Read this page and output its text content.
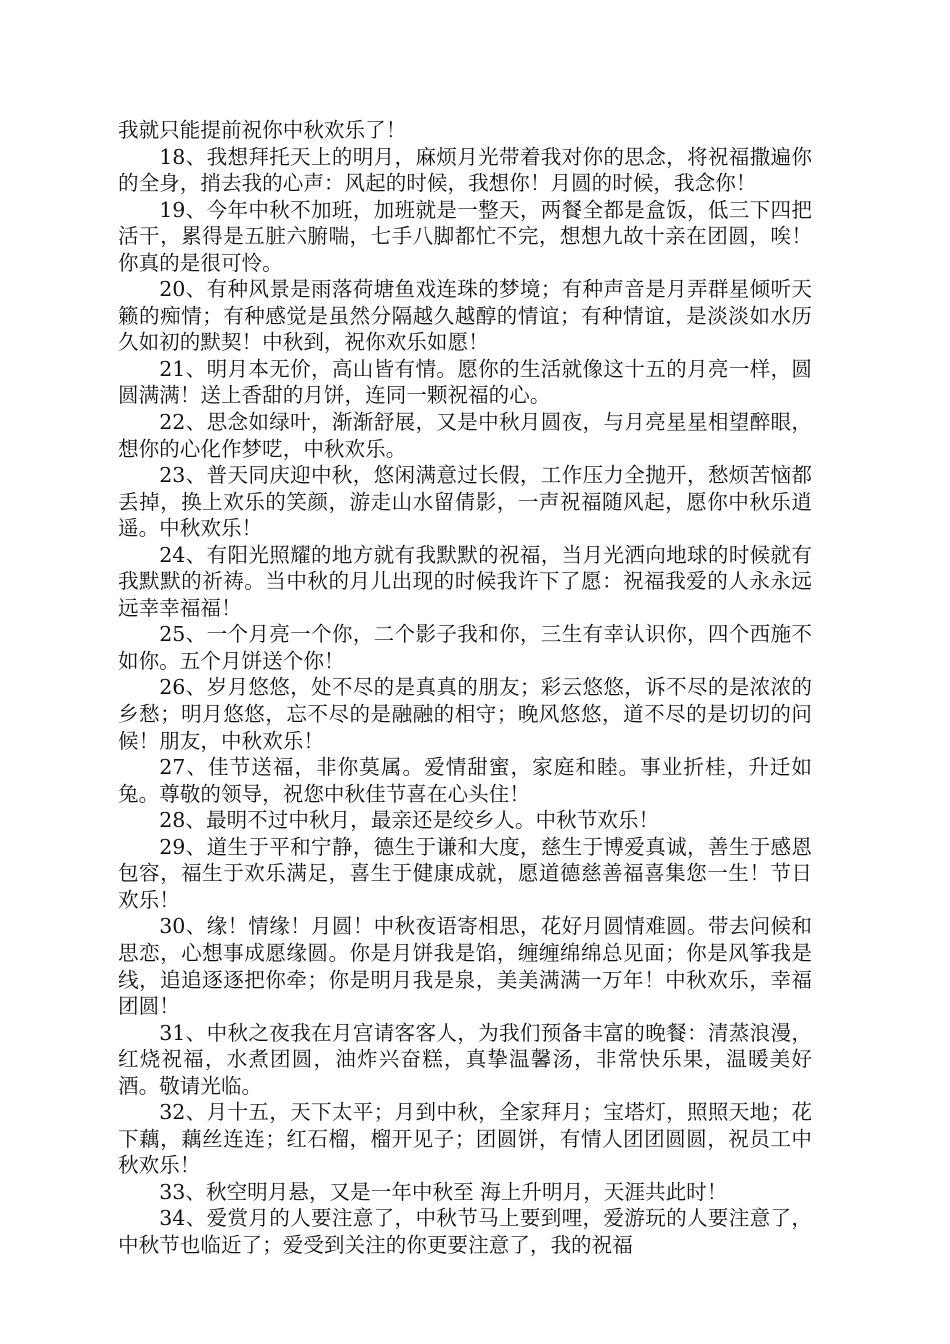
我就只能提前祝你中秋欢乐了！

18、我想拜托天上的明月，麻烦月光带着我对你的思念，将祝福撒遍你的全身，捎去我的心声：风起的时候，我想你！月圆的时候，我念你！

19、今年中秋不加班，加班就是一整天，两餐全都是盒饭，低三下四把活干，累得是五脏六腑喘，七手八脚都忙不完，想想九故十亲在团圆，唉！你真的是很可怜。

20、有种风景是雨落荷塘鱼戏连珠的梦境；有种声音是月弄群星倾听天籁的痴情；有种感觉是虽然分隔越久越醇的情谊；有种情谊，是淡淡如水历久如初的默契！中秋到，祝你欢乐如愿！

21、明月本无价，高山皆有情。愿你的生活就像这十五的月亮一样，圆圆满满！送上香甜的月饼，连同一颗祝福的心。

22、思念如绿叶，渐渐舒展，又是中秋月圆夜，与月亮星星相望醉眼，想你的心化作梦呓，中秋欢乐。

23、普天同庆迎中秋，悠闲满意过长假，工作压力全抛开，愁烦苦恼都丢掉，换上欢乐的笑颜，游走山水留倩影，一声祝福随风起，愿你中秋乐逍遥。中秋欢乐！

24、有阳光照耀的地方就有我默默的祝福，当月光洒向地球的时候就有我默默的祈祷。当中秋的月儿出现的时候我许下了愿：祝福我爱的人永永远远幸幸福福！

25、一个月亮一个你，二个影子我和你，三生有幸认识你，四个西施不如你。五个月饼送个你！

26、岁月悠悠，处不尽的是真真的朋友；彩云悠悠，诉不尽的是浓浓的乡愁；明月悠悠，忘不尽的是融融的相守；晚风悠悠，道不尽的是切切的问候！朋友，中秋欢乐！

27、佳节送福，非你莫属。爱情甜蜜，家庭和睦。事业折桂，升迁如兔。尊敬的领导，祝您中秋佳节喜在心头住！

28、最明不过中秋月，最亲还是绞乡人。中秋节欢乐！

29、道生于平和宁静，德生于谦和大度，慈生于博爱真诚，善生于感恩包容，福生于欢乐满足，喜生于健康成就，愿道德慈善福喜集您一生！节日欢乐！

30、缘！情缘！月圆！中秋夜语寄相思，花好月圆情难圆。带去问候和思恋，心想事成愿缘圆。你是月饼我是馅，缠缠绵绵总见面；你是风筝我是线，追追逐逐把你牵；你是明月我是泉，美美满满一万年！中秋欢乐，幸福团圆！

31、中秋之夜我在月宫请客客人，为我们预备丰富的晚餐：清蒸浪漫，红烧祝福，水煮团圆，油炸兴奋糕，真挚温馨汤，非常快乐果，温暖美好酒。敬请光临。

32、月十五，天下太平；月到中秋，全家拜月；宝塔灯，照照天地；花下藕，藕丝连连；红石榴，榴开见子；团圆饼，有情人团团圆圆，祝员工中秋欢乐！

33、秋空明月悬，又是一年中秋至 海上升明月，天涯共此时！

34、爱赏月的人要注意了，中秋节马上要到哩，爱游玩的人要注意了，中秋节也临近了；爱受到关注的你更要注意了，我的祝福
